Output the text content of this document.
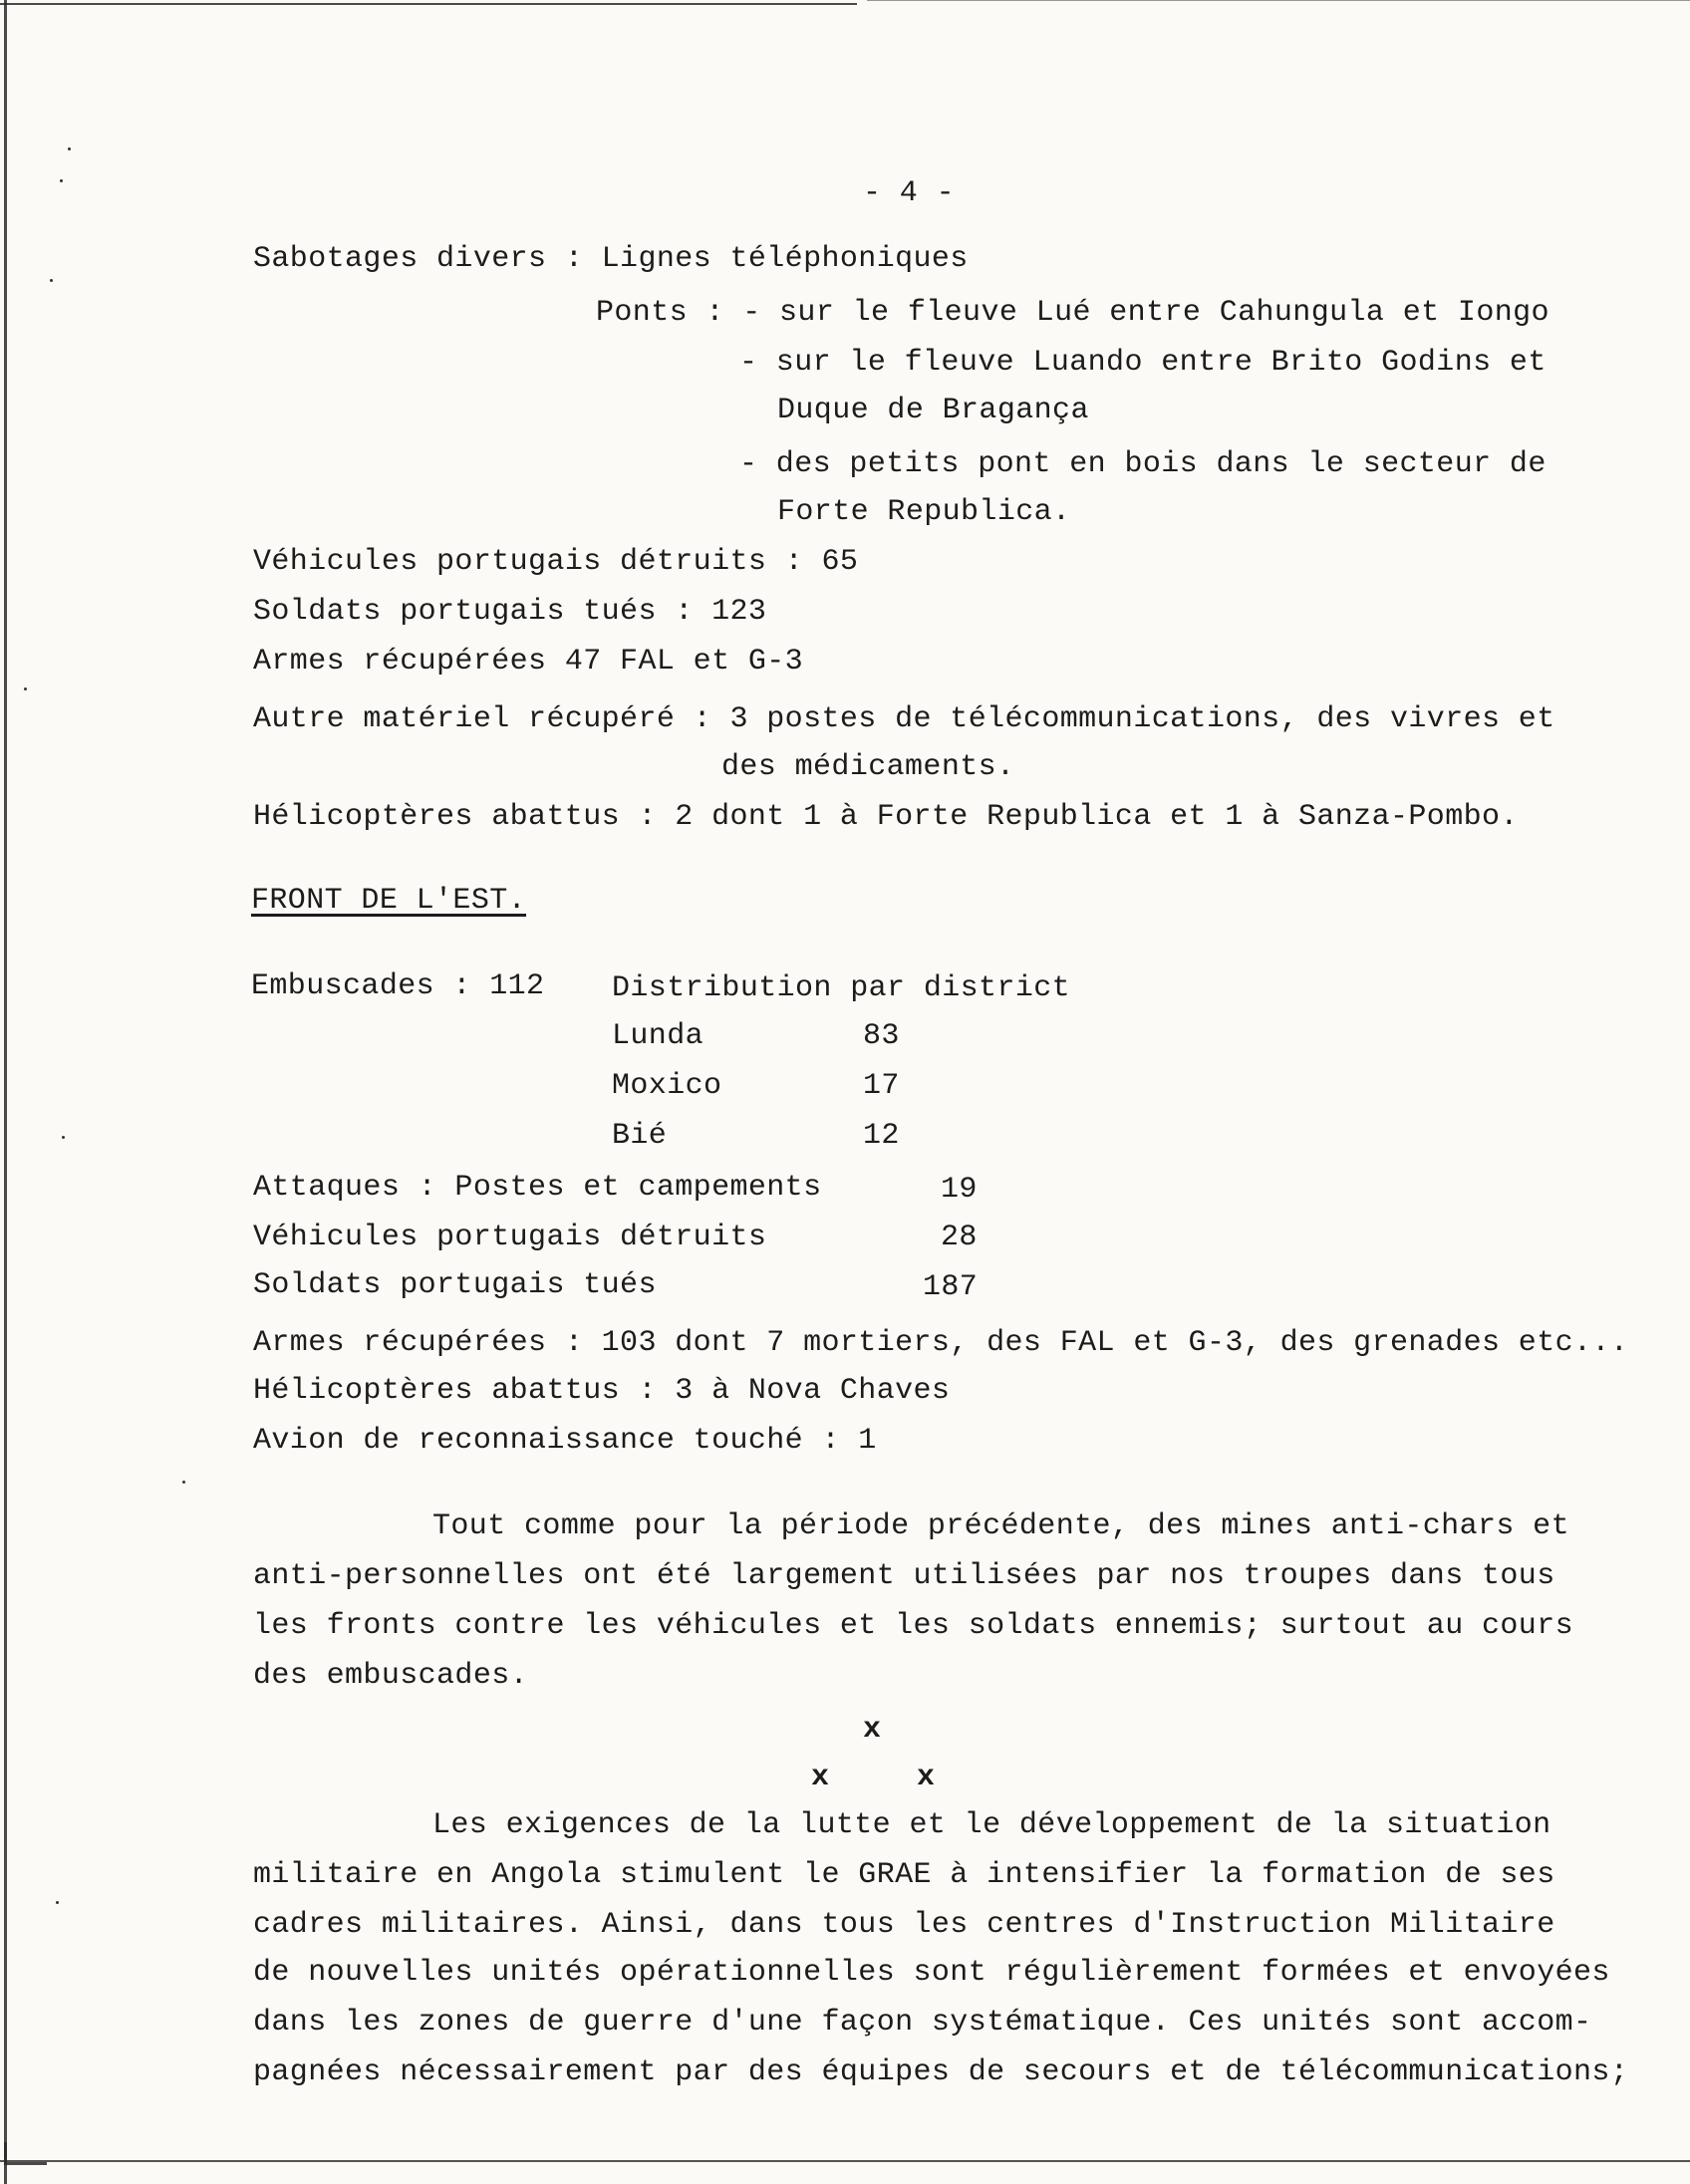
- 4 -
Sabotages divers : Lignes téléphoniques
Ponts : - sur le fleuve Lué entre Cahungula et Iongo
- sur le fleuve Luando entre Brito Godins et
Duque de Bragança
- des petits pont en bois dans le secteur de
Forte Republica.
Véhicules portugais détruits : 65
Soldats portugais tués : 123
Armes récupérées 47 FAL et G-3
Autre matériel récupéré : 3 postes de télécommunications, des vivres et
des médicaments.
Hélicoptères abattus : 2 dont 1 à Forte Republica et 1 à Sanza-Pombo.
FRONT DE L'EST.
Embuscades : 112 Distribution par district
Lunda	83
Moxico	17
Bié	12
Attaques : Postes et campements	19
Véhicules portugais détruits	28
Soldats portugais tués	187
Armes récupérées : 103 dont 7 mortiers, des FAL et G-3, des grenades etc...
Hélicoptères abattus : 3 à Nova Chaves
Avion de reconnaissance touché : 1
Tout comme pour la période précédente, des mines anti-chars et
anti-personnelles ont été largement utilisées par nos troupes dans tous
les fronts contre les véhicules et les soldats ennemis; surtout au cours
des embuscades.
x
x	x
Les exigences de la lutte et le développement de la situation
militaire en Angola stimulent le GRAE à intensifier la formation de ses
cadres militaires. Ainsi, dans tous les centres d'Instruction Militaire
de nouvelles unités opérationnelles sont régulièrement formées et envoyées
dans les zones de guerre d'une façon systématique. Ces unités sont accom-
pagnées nécessairement par des équipes de secours et de télécommunications;
